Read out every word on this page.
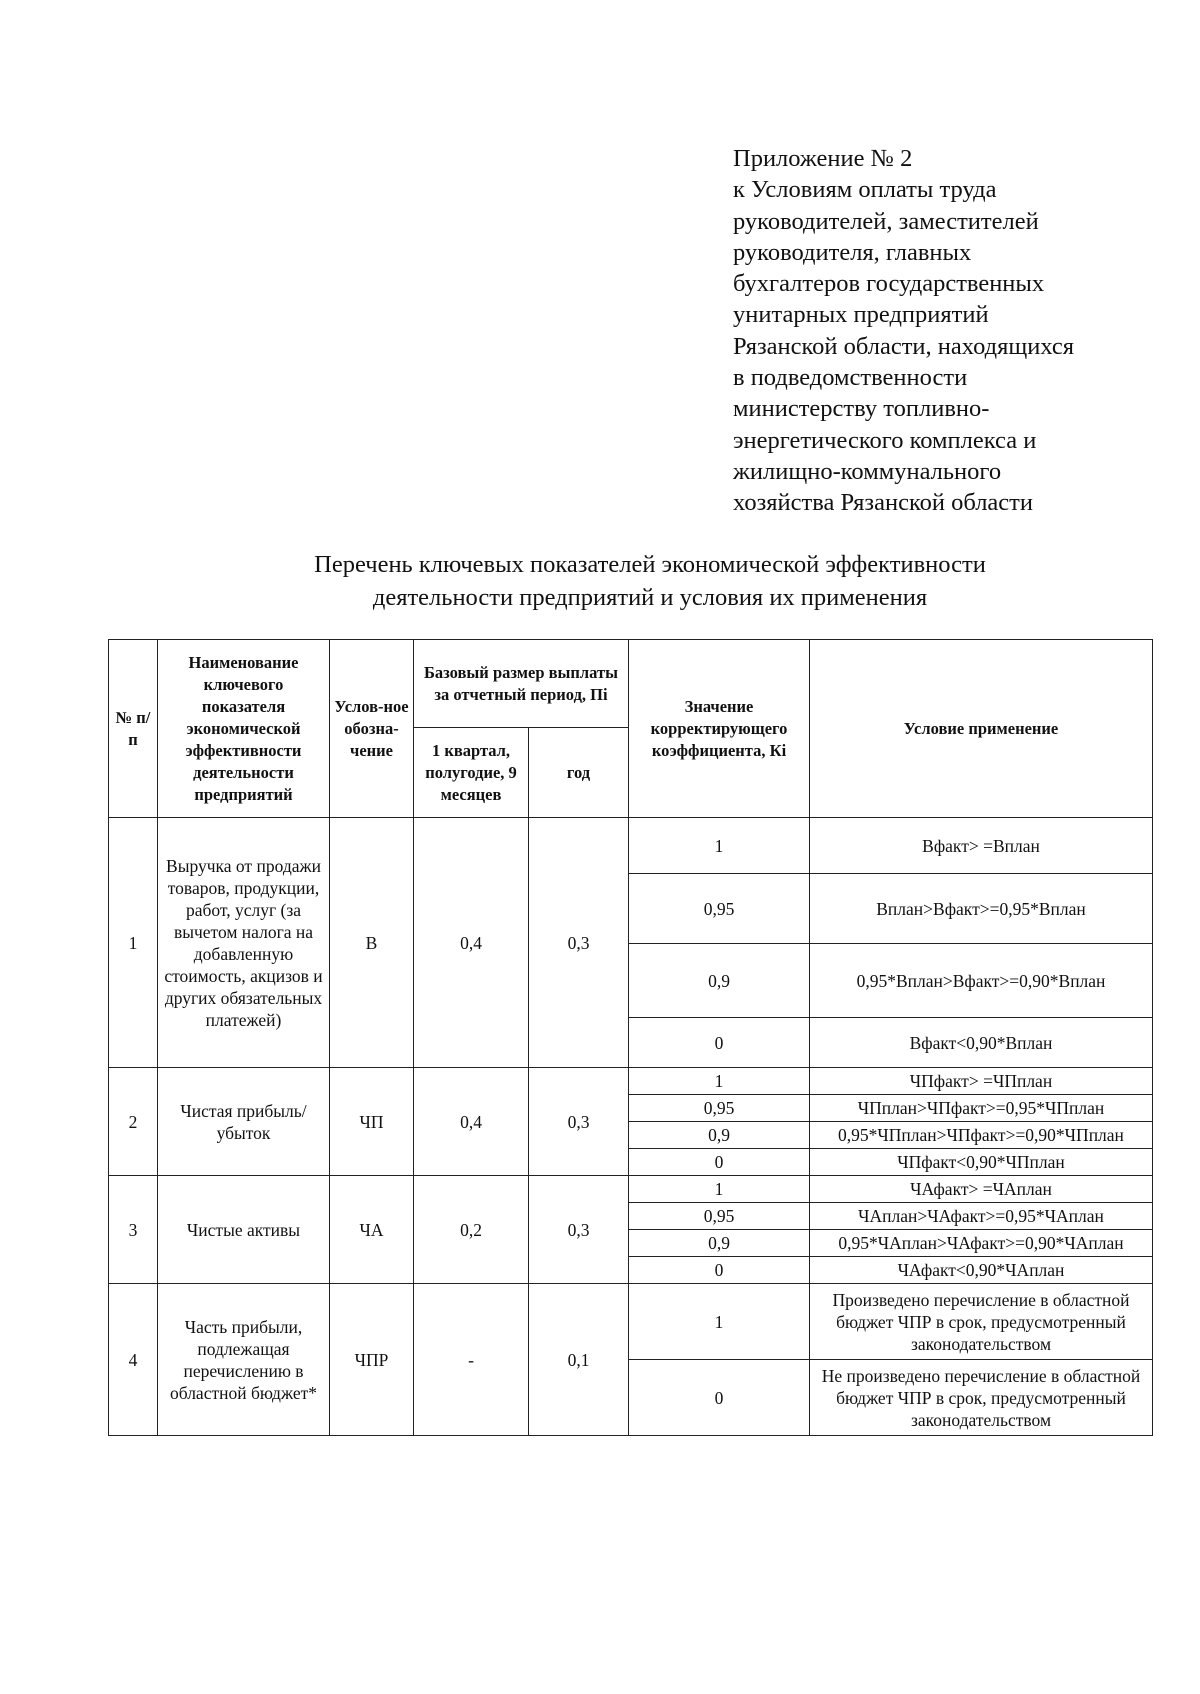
Приложение № 2
к Условиям оплаты труда
руководителей, заместителей
руководителя, главных
бухгалтеров государственных
унитарных предприятий
Рязанской области, находящихся
в подведомственности
министерству топливно-
энергетического комплекса и
жилищно-коммунального
хозяйства Рязанской области
Перечень ключевых показателей экономической эффективности
деятельности предприятий и условия их применения
№ п/п	Наименование ключевого показателя экономической эффективности деятельности предприятий	Услов-ное обозна-чение	Базовый размер выплаты за отчетный период, Пi		Значение корректирующего коэффициента, Кi	Условие применение
			1 квартал, полугодие, 9 месяцев	год		
1	Выручка от продажи товаров, продукции, работ, услуг (за вычетом налога на добавленную стоимость, акцизов и других обязательных платежей)	В	0,4	0,3	1	Вфакт> =Вплан
					0,95	Вплан>Вфакт>=0,95*Вплан
					0,9	0,95*Вплан>Вфакт>=0,90*Вплан
					0	Вфакт<0,90*Вплан
2	Чистая прибыль/убыток	ЧП	0,4	0,3	1	ЧПфакт> =ЧПплан
					0,95	ЧПплан>ЧПфакт>=0,95*ЧПплан
					0,9	0,95*ЧПплан>ЧПфакт>=0,90*ЧПплан
					0	ЧПфакт<0,90*ЧПплан
3	Чистые активы	ЧА	0,2	0,3	1	ЧАфакт> =ЧАплан
					0,95	ЧАплан>ЧАфакт>=0,95*ЧАплан
					0,9	0,95*ЧАплан>ЧАфакт>=0,90*ЧАплан
					0	ЧАфакт<0,90*ЧАплан
4	Часть прибыли, подлежащая перечислению в областной бюджет*	ЧПР	-	0,1	1	Произведено перечисление в областной бюджет ЧПР в срок, предусмотренный законодательством
					0	Не произведено перечисление в областной бюджет ЧПР в срок, предусмотренный законодательством
